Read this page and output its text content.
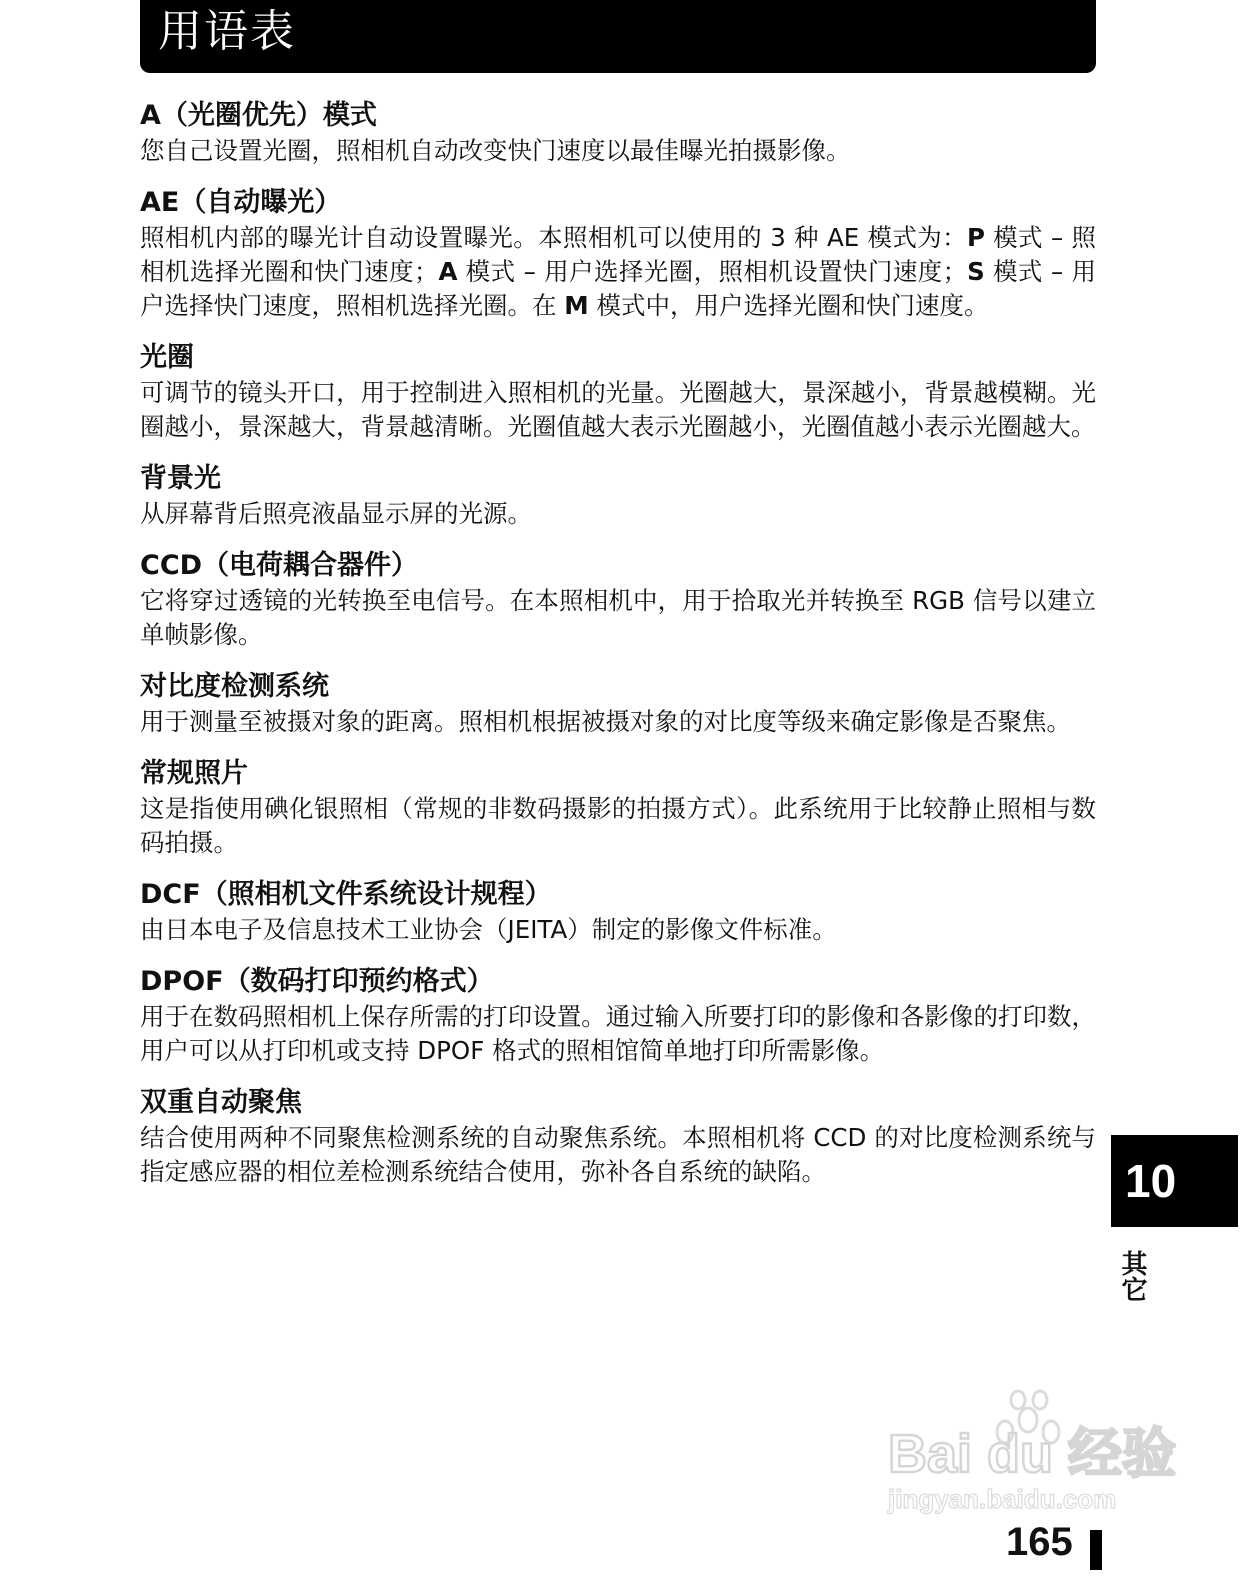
用语表

A（光圈优先）模式

您自己设置光圈，照相机自动改变快门速度以最佳曝光拍摄影像。

AE（自动曝光）

照相机内部的曝光计自动设置曝光。本照相机可以使用的 3 种 AE 模式为：P 模式 – 照相机选择光圈和快门速度；A 模式 – 用户选择光圈，照相机设置快门速度；S 模式 – 用户选择快门速度，照相机选择光圈。在 M 模式中，用户选择光圈和快门速度。

光圈

可调节的镜头开口，用于控制进入照相机的光量。光圈越大，景深越小，背景越模糊。光圈越小，景深越大，背景越清晰。光圈值越大表示光圈越小，光圈值越小表示光圈越大。

背景光

从屏幕背后照亮液晶显示屏的光源。

CCD（电荷耦合器件）

它将穿过透镜的光转换至电信号。在本照相机中，用于拾取光并转换至 RGB 信号以建立单帧影像。

对比度检测系统

用于测量至被摄对象的距离。照相机根据被摄对象的对比度等级来确定影像是否聚焦。

常规照片

这是指使用碘化银照相（常规的非数码摄影的拍摄方式）。此系统用于比较静止照相与数码拍摄。

DCF（照相机文件系统设计规程）

由日本电子及信息技术工业协会（JEITA）制定的影像文件标准。

DPOF（数码打印预约格式）

用于在数码照相机上保存所需的打印设置。通过输入所要打印的影像和各影像的打印数，用户可以从打印机或支持 DPOF 格式的照相馆简单地打印所需影像。

双重自动聚焦

结合使用两种不同聚焦检测系统的自动聚焦系统。本照相机将 CCD 的对比度检测系统与指定感应器的相位差检测系统结合使用，弥补各自系统的缺陷。	10
其它
Bai du 经验
jingyan.baidu.com
165
